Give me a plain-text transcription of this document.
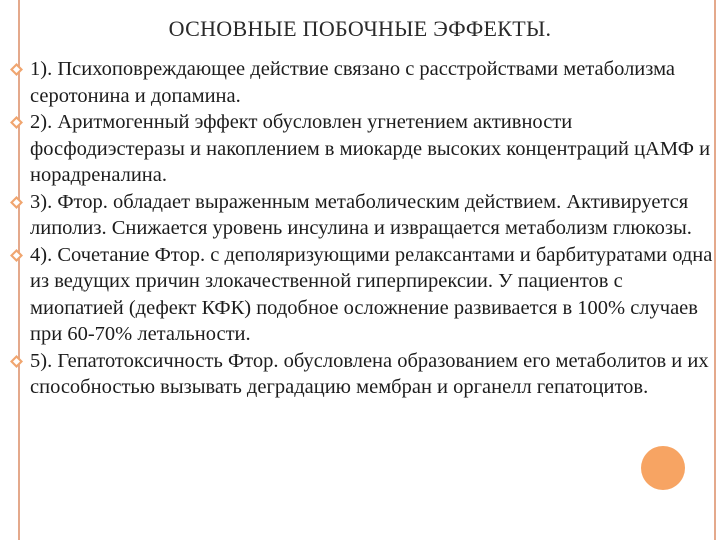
ОСНОВНЫЕ ПОБОЧНЫЕ ЭФФЕКТЫ.
1). Психоповреждающее действие связано с расстройствами метаболизма серотонина и допамина.
2). Аритмогенный эффект обусловлен угнетением активности фосфодиэстеразы и накоплением в миокарде высоких концентраций цАМФ и норадреналина.
3). Фтор. обладает выраженным метаболическим действием. Активируется липолиз. Снижается уровень инсулина и извращается метаболизм глюкозы.
4). Сочетание Фтор. с деполяризующими релаксантами и барбитуратами одна из ведущих причин злокачественной гиперпирексии. У пациентов с миопатией (дефект КФК) подобное осложнение развивается в 100% случаев при 60-70% летальности.
5). Гепатотоксичность Фтор. обусловлена образованием его метаболитов и их способностью вызывать деградацию мембран и органелл гепатоцитов.
